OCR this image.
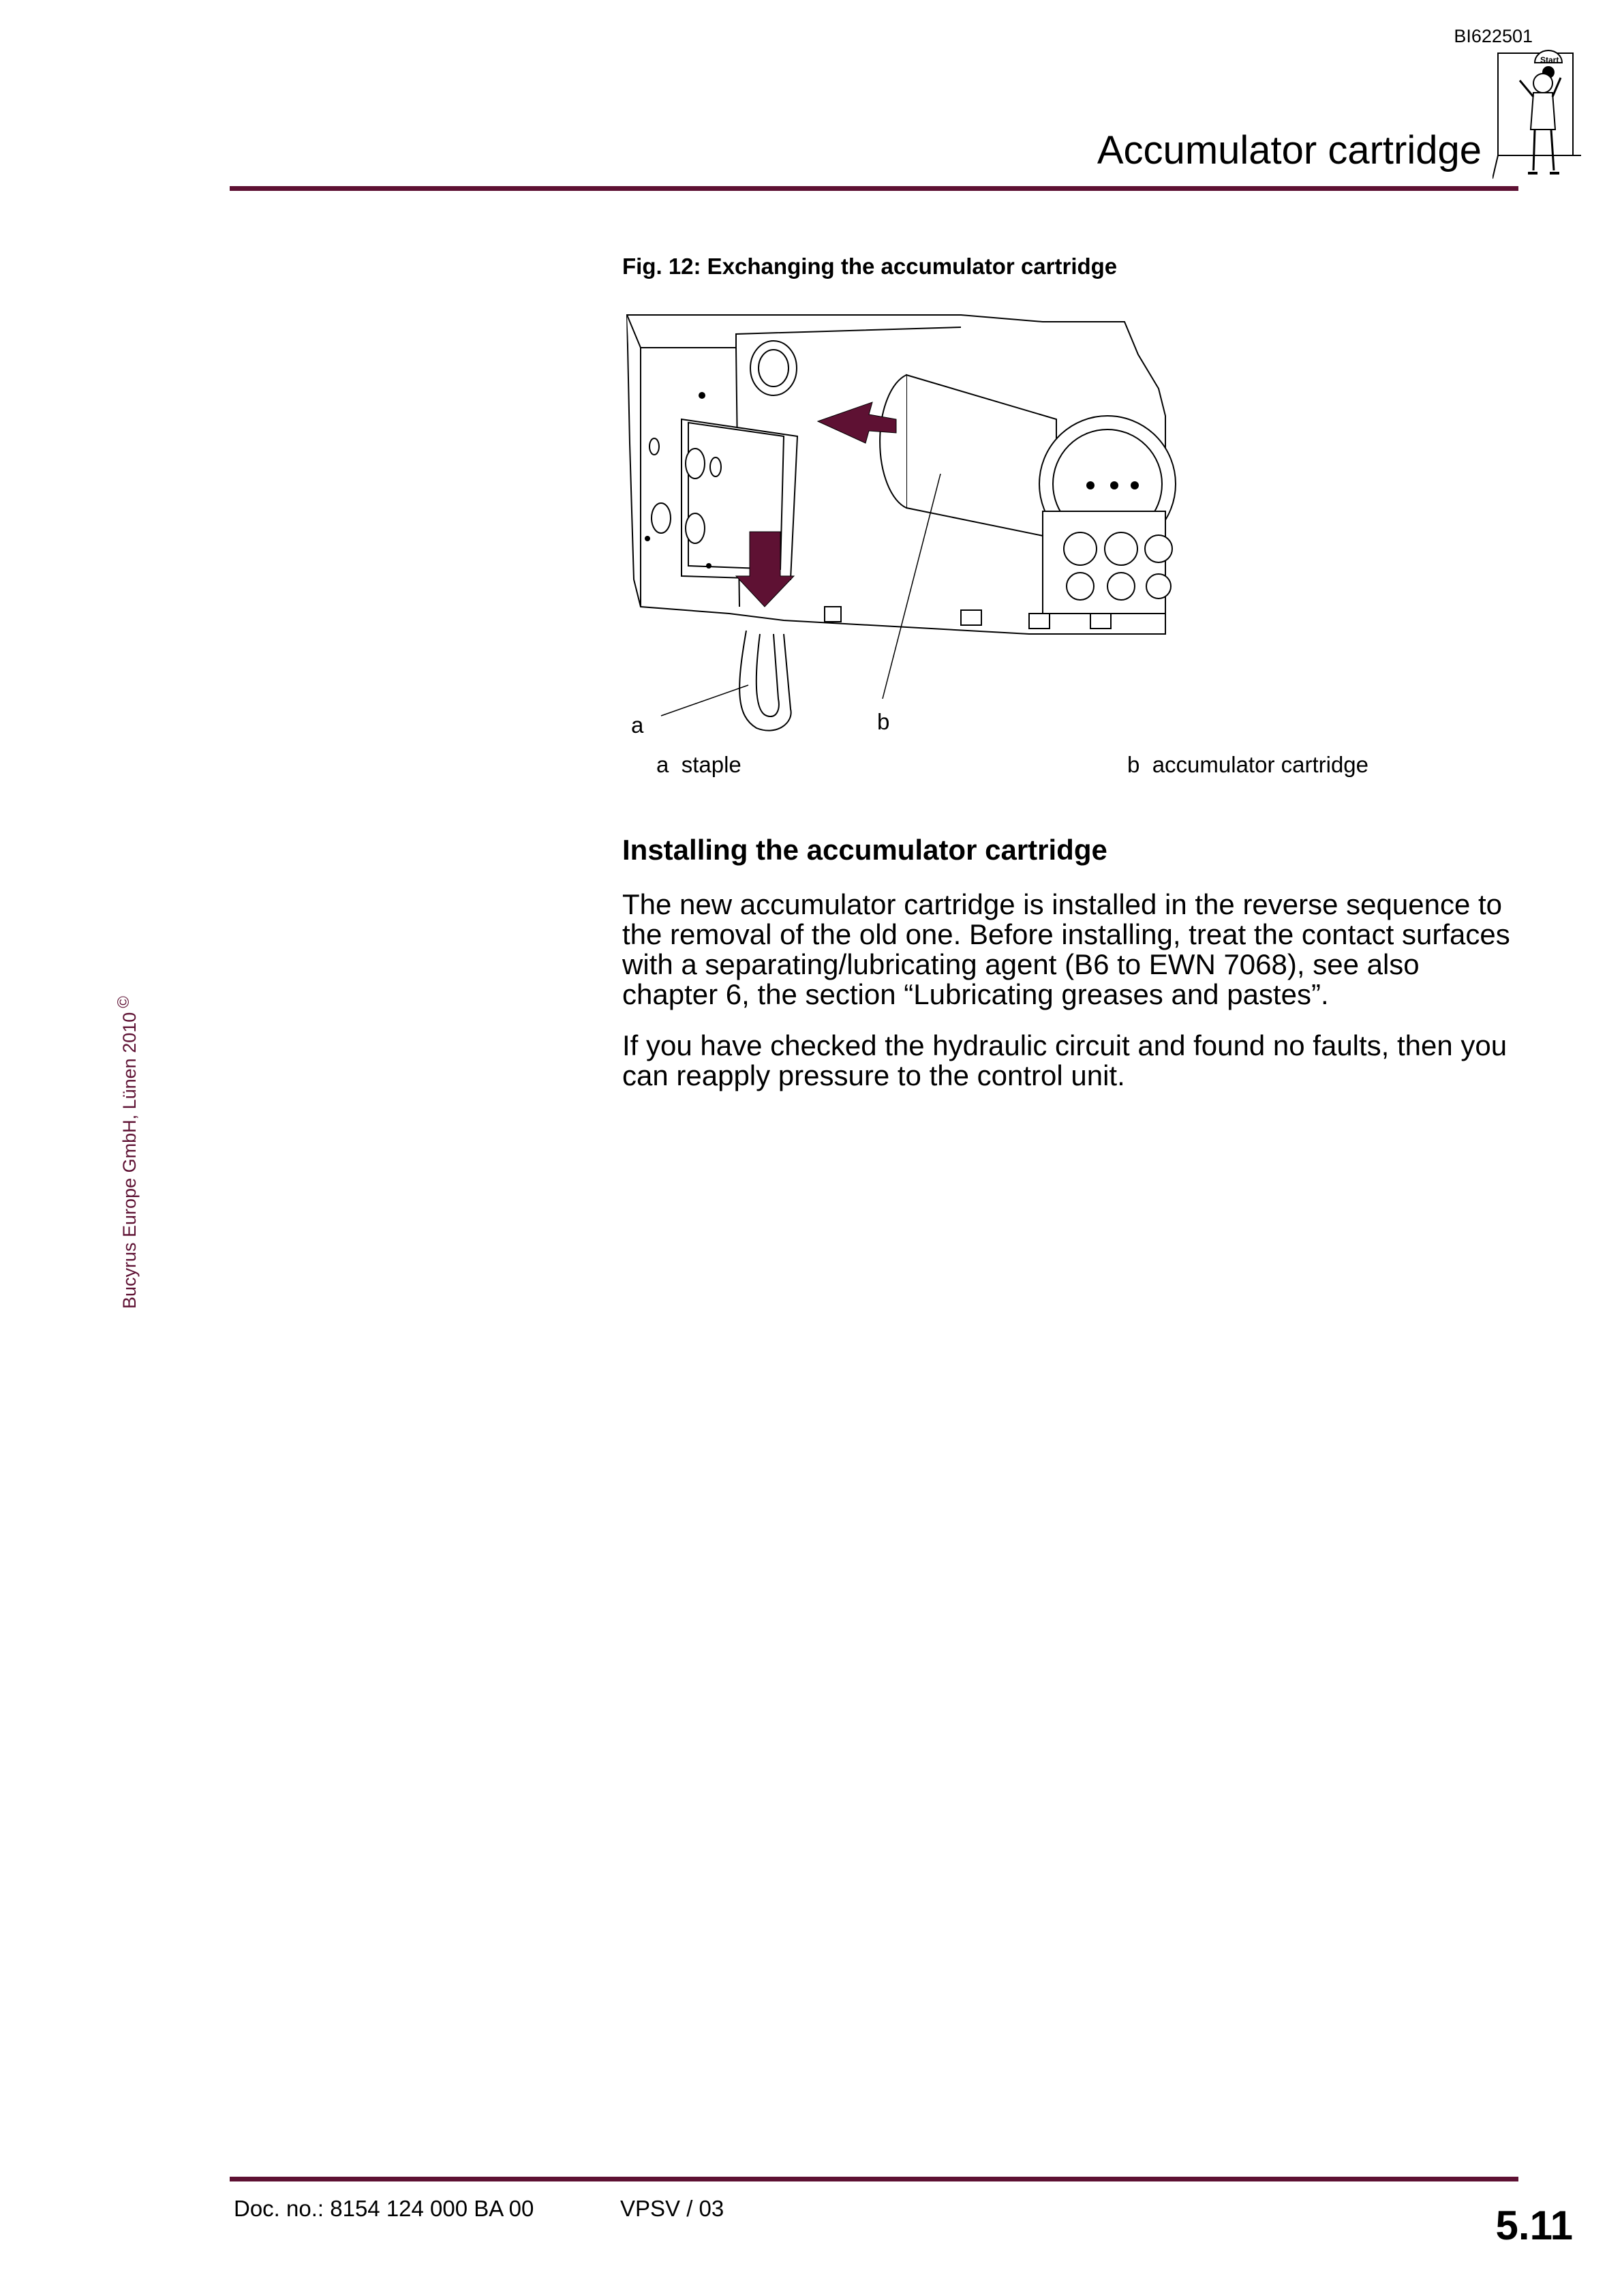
BI622501
Start
Accumulator cartridge
Fig. 12: Exchanging the accumulator cartridge
a	b
a staple	b accumulator cartridge
Installing the accumulator cartridge

The new accumulator cartridge is installed in the reverse sequence to the removal of the old one. Before installing, treat the contact surfaces with a separating/lubricating agent (B6 to EWN 7068), see also chapter 6, the section “Lubricating greases and pastes”.

If you have checked the hydraulic circuit and found no faults, then you can reapply pressure to the control unit.

Bucyrus Europe GmbH, Lünen 2010©
Doc. no.: 8154 124 000 BA 00	VPSV / 03	5.11
